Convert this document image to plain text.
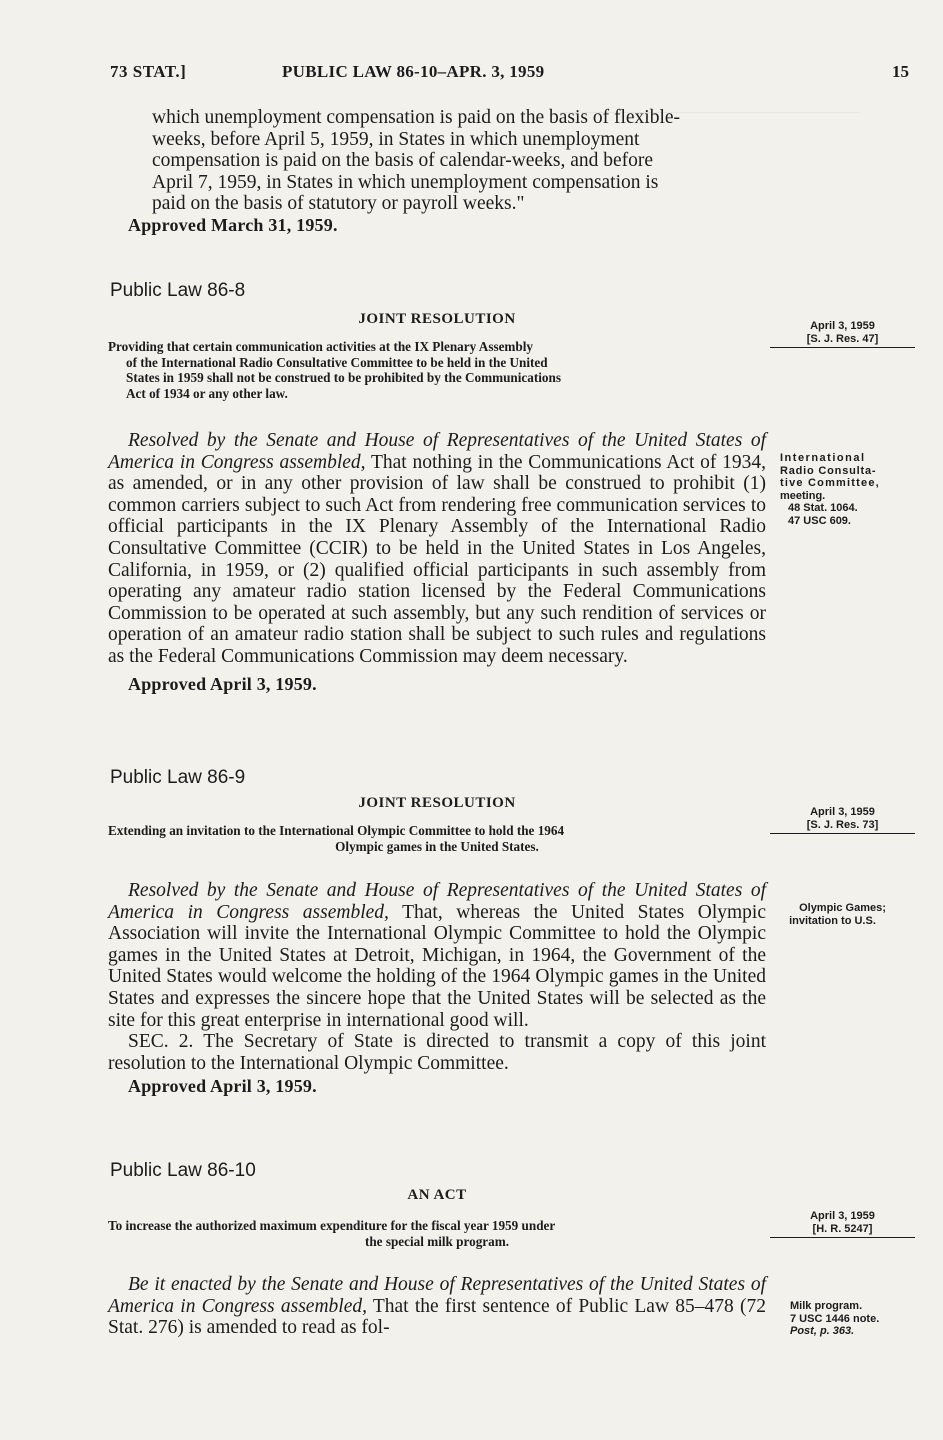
73 STAT.]	PUBLIC LAW 86-10–APR. 3, 1959	15

which unemployment compensation is paid on the basis of flexible-

weeks, before April 5, 1959, in States in which unemployment

compensation is paid on the basis of calendar-weeks, and before

April 7, 1959, in States in which unemployment compensation is

paid on the basis of statutory or payroll weeks."

Approved March 31, 1959.

Public Law 86-8

JOINT RESOLUTION

Providing that certain communication activities at the IX Plenary Assembly

of the International Radio Consultative Committee to be held in the United

States in 1959 shall not be construed to be prohibited by the Communications

Act of 1934 or any other law.

Resolved by the Senate and House of Representatives of the United States of America in Congress assembled, That nothing in the Communications Act of 1934, as amended, or in any other provision of law shall be construed to prohibit (1) common carriers subject to such Act from rendering free communication services to official participants in the IX Plenary Assembly of the International Radio Consultative Committee (CCIR) to be held in the United States in Los Angeles, California, in 1959, or (2) qualified official participants in such assembly from operating any amateur radio station licensed by the Federal Communications Commission to be operated at such assembly, but any such rendition of services or operation of an amateur radio station shall be subject to such rules and regulations as the Federal Communications Commission may deem necessary.

Approved April 3, 1959.

April 3, 1959
[S. J. Res. 47]
International
Radio Consulta-
tive Committee,
meeting.
48 Stat. 1064.
47 USC 609.

Public Law 86-9

JOINT RESOLUTION

Extending an invitation to the International Olympic Committee to hold the 1964

Olympic games in the United States.

Resolved by the Senate and House of Representatives of the United States of America in Congress assembled, That, whereas the United States Olympic Association will invite the International Olympic Committee to hold the Olympic games in the United States at Detroit, Michigan, in 1964, the Government of the United States would welcome the holding of the 1964 Olympic games in the United States and expresses the sincere hope that the United States will be selected as the site for this great enterprise in international good will.

SEC. 2. The Secretary of State is directed to transmit a copy of this joint resolution to the International Olympic Committee.

Approved April 3, 1959.

April 3, 1959
[S. J. Res. 73]
Olympic Games;
invitation to U.S.

Public Law 86-10

AN ACT

To increase the authorized maximum expenditure for the fiscal year 1959 under

the special milk program.

Be it enacted by the Senate and House of Representatives of the United States of America in Congress assembled, That the first sentence of Public Law 85–478 (72 Stat. 276) is amended to read as fol-

April 3, 1959
[H. R. 5247]
Milk program.
7 USC 1446 note.
Post, p. 363.
